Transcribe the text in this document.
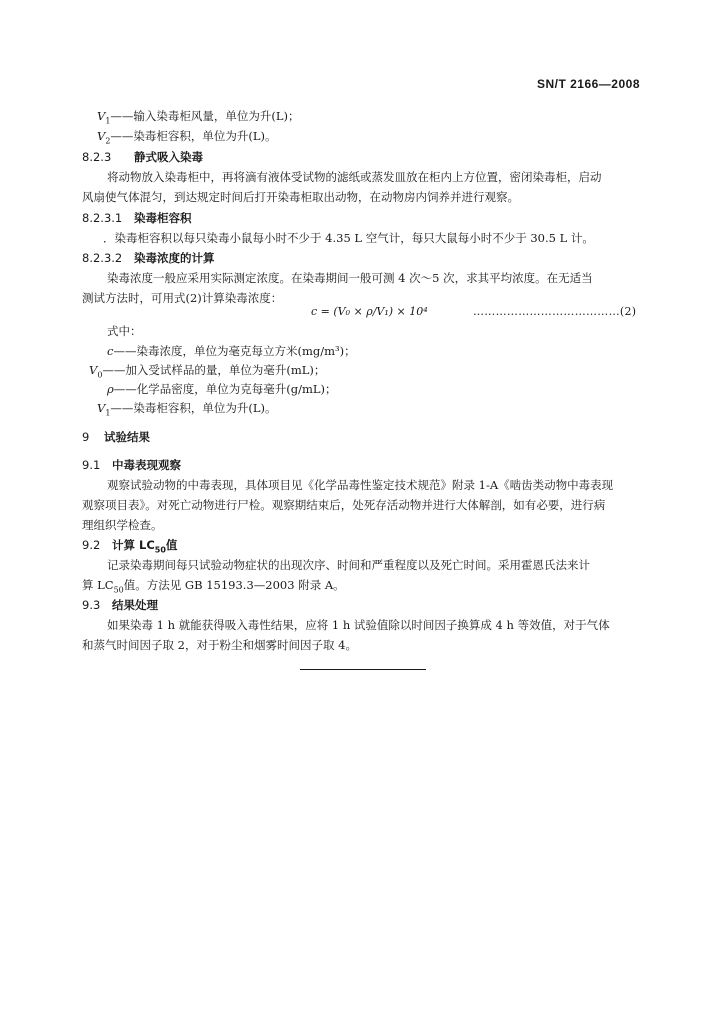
SN/T 2166—2008
$V_1——$输入染毒柜风量，单位为升(L)；
$V_2——$染毒柜容积，单位为升(L)。
8.2.3 静式吸入染毒
将动物放入染毒柜中，再将滴有液体受试物的滤纸或蒸发皿放在柜内上方位置，密闭染毒柜，启动
风扇使气体混匀，到达规定时间后打开染毒柜取出动物，在动物房内饲养并进行观察。
8.2.3.1 染毒柜容积
．染毒柜容积以每只染毒小鼠每小时不少于 4.35 L 空气计，每只大鼠每小时不少于 30.5 L 计。
8.2.3.2 染毒浓度的计算
染毒浓度一般应采用实际测定浓度。在染毒期间一般可测 4 次～5 次，求其平均浓度。在无适当
测试方法时，可用式(2)计算染毒浓度：
c = (V₀ × ρ/V₁) × 10⁴	…………………………………(2)
式中：
c——染毒浓度，单位为毫克每立方米(mg/m³)；
$V_0——$加入受试样品的量，单位为毫升(mL)；
ρ——化学品密度，单位为克每毫升(g/mL)；
$V_1——$染毒柜容积，单位为升(L)。
9 试验结果
9.1 中毒表现观察
观察试验动物的中毒表现，具体项目见《化学品毒性鉴定技术规范》附录 1-A《啮齿类动物中毒表现
观察项目表》。对死亡动物进行尸检。观察期结束后，处死存活动物并进行大体解剖，如有必要，进行病
理组织学检查。
9.2 计算 $LC_{50}$值
记录染毒期间每只试验动物症状的出现次序、时间和严重程度以及死亡时间。采用霍恩氏法来计
算 $LC_{50}$值。方法见 GB 15193.3—2003 附录 A。
9.3 结果处理
如果染毒 1 h 就能获得吸入毒性结果，应将 1 h 试验值除以时间因子换算成 4 h 等效值，对于气体
和蒸气时间因子取 2，对于粉尘和烟雾时间因子取 4。
